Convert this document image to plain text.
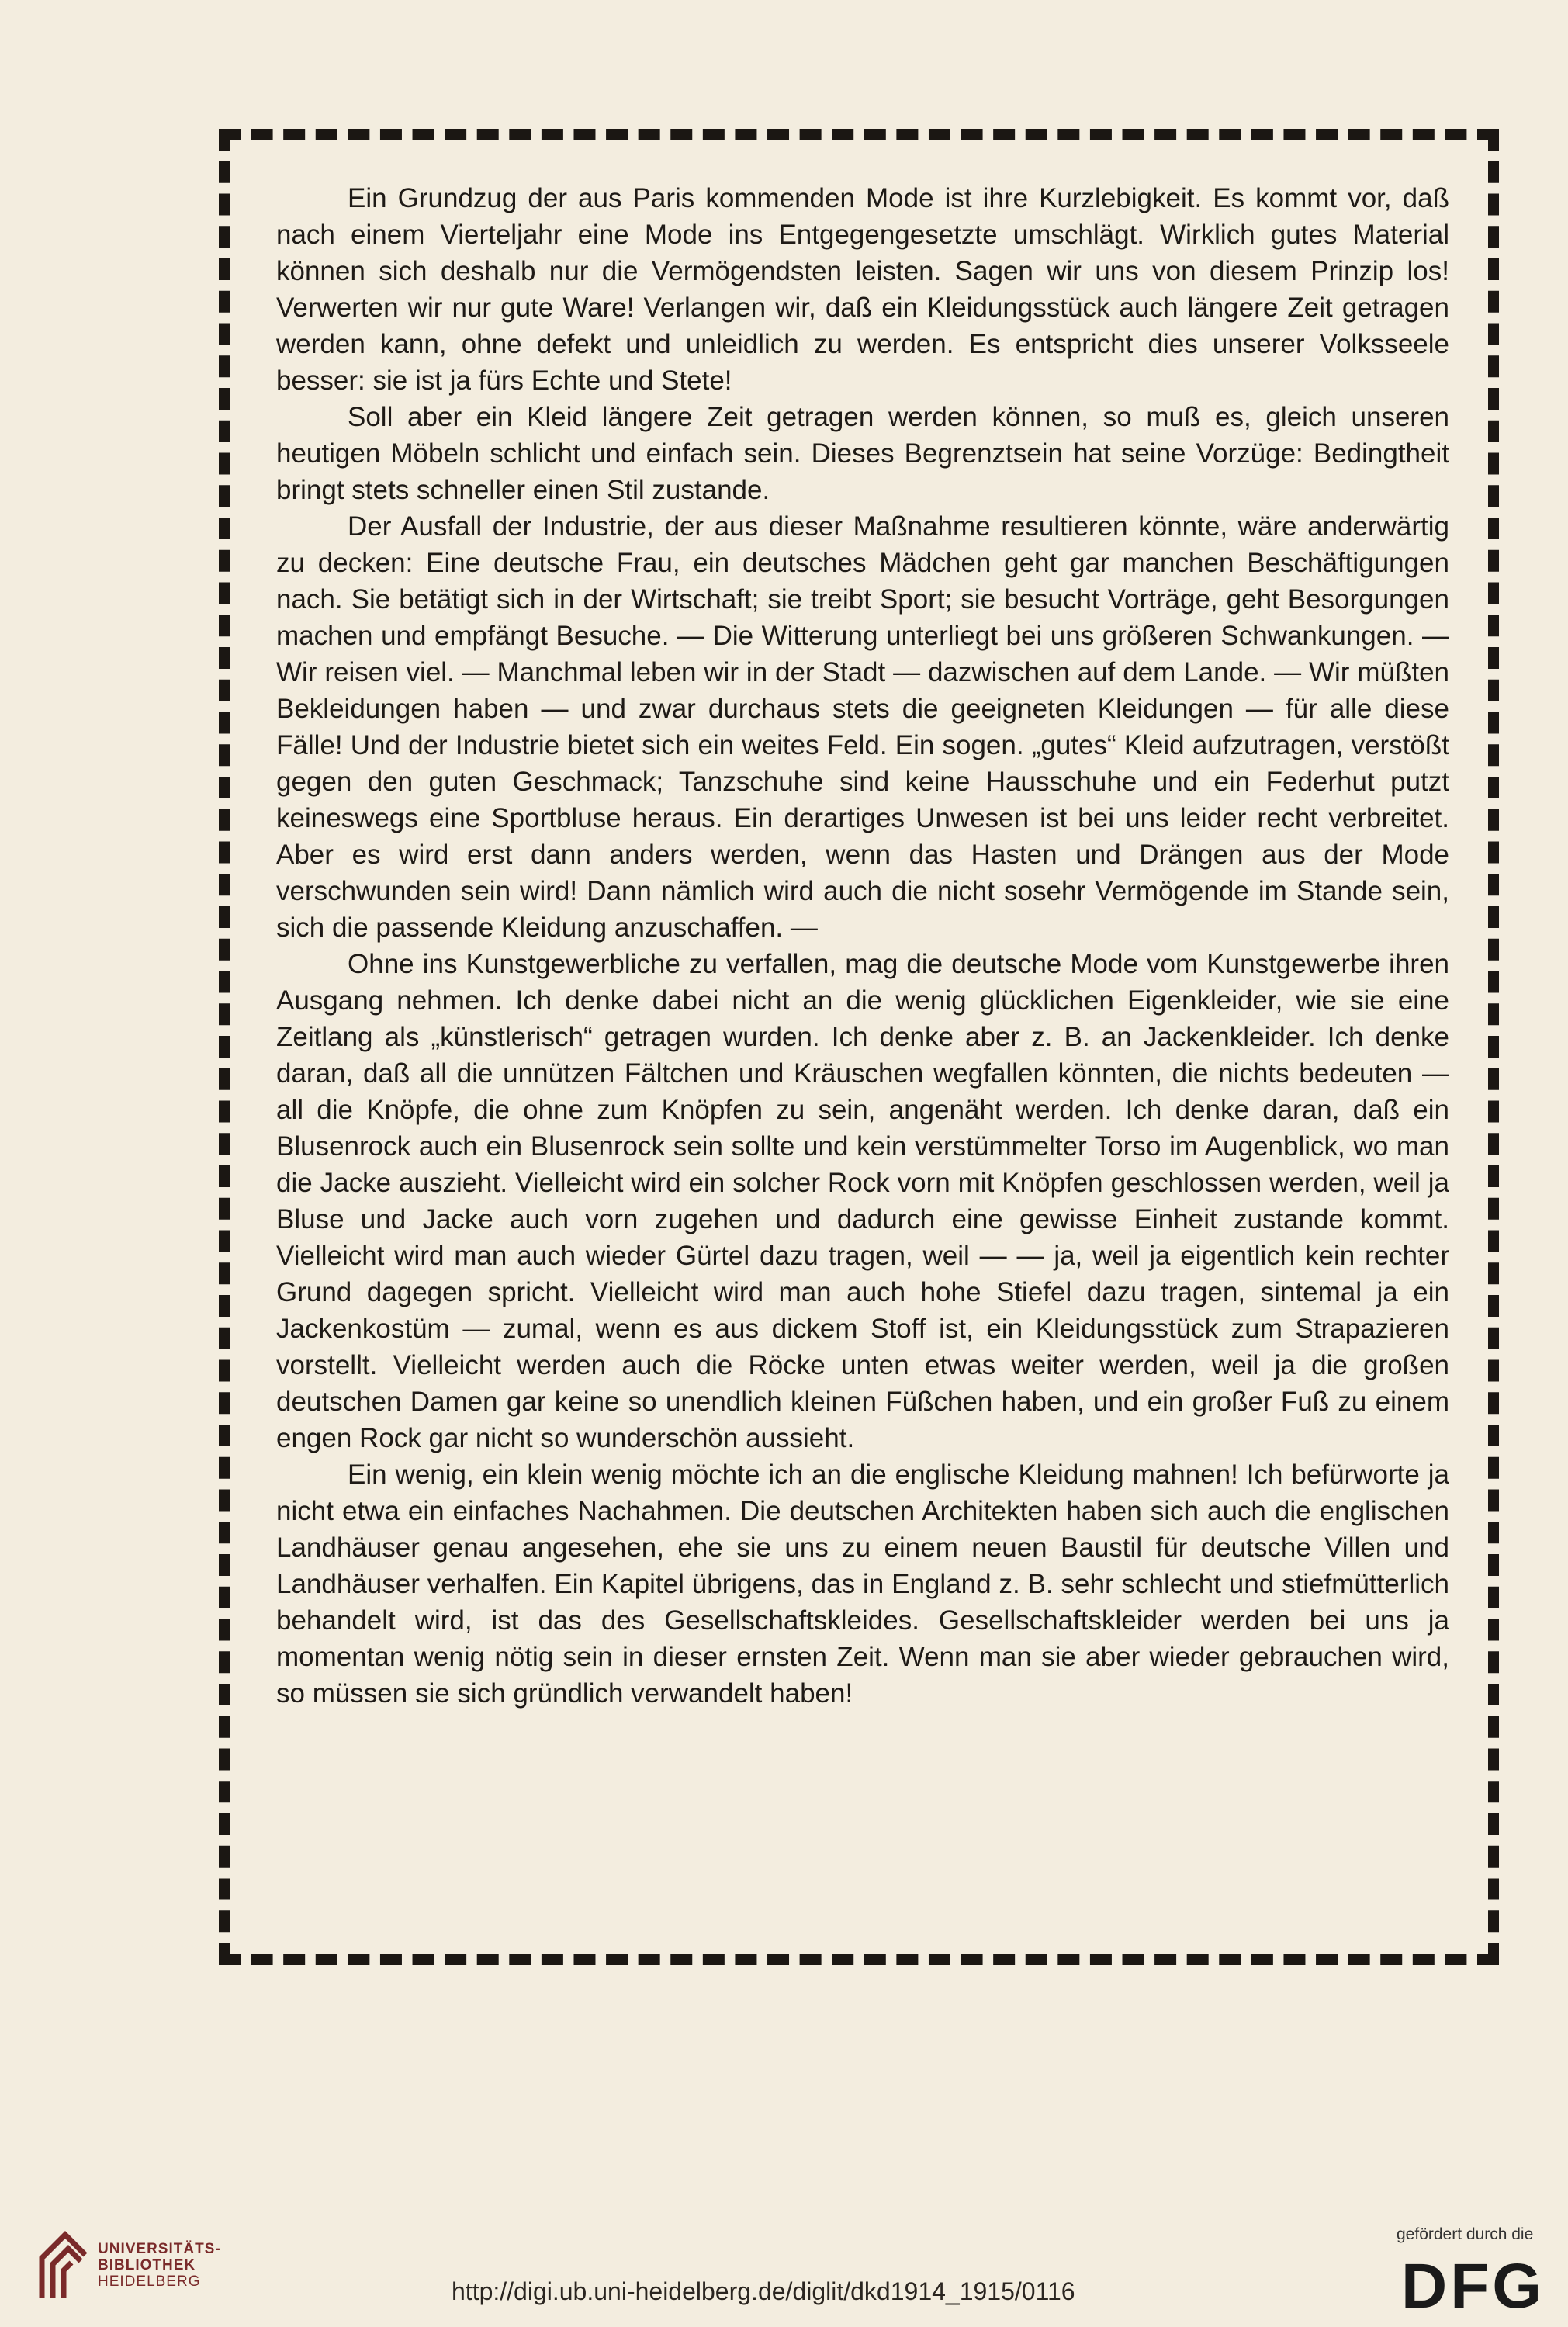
Ein Grundzug der aus Paris kommenden Mode ist ihre Kurzlebigkeit. Es kommt vor, daß nach einem Vierteljahr eine Mode ins Entgegengesetzte umschlägt. Wirklich gutes Material können sich deshalb nur die Vermögendsten leisten. Sagen wir uns von diesem Prinzip los! Verwerten wir nur gute Ware! Verlangen wir, daß ein Kleidungsstück auch längere Zeit getragen werden kann, ohne defekt und unleidlich zu werden. Es entspricht dies unserer Volksseele besser: sie ist ja fürs Echte und Stete!

Soll aber ein Kleid längere Zeit getragen werden können, so muß es, gleich unseren heutigen Möbeln schlicht und einfach sein. Dieses Begrenztsein hat seine Vorzüge: Bedingtheit bringt stets schneller einen Stil zustande.

Der Ausfall der Industrie, der aus dieser Maßnahme resultieren könnte, wäre anderwärtig zu decken: Eine deutsche Frau, ein deutsches Mädchen geht gar manchen Beschäftigungen nach. Sie betätigt sich in der Wirtschaft; sie treibt Sport; sie besucht Vorträge, geht Besorgungen machen und empfängt Besuche. — Die Witterung unterliegt bei uns größeren Schwankungen. — Wir reisen viel. — Manchmal leben wir in der Stadt — dazwischen auf dem Lande. — Wir müßten Bekleidungen haben — und zwar durchaus stets die geeigneten Kleidungen — für alle diese Fälle! Und der Industrie bietet sich ein weites Feld. Ein sogen. „gutes“ Kleid aufzutragen, verstößt gegen den guten Geschmack; Tanzschuhe sind keine Hausschuhe und ein Federhut putzt keineswegs eine Sportbluse heraus. Ein derartiges Unwesen ist bei uns leider recht verbreitet. Aber es wird erst dann anders werden, wenn das Hasten und Drängen aus der Mode verschwunden sein wird! Dann nämlich wird auch die nicht sosehr Vermögende im Stande sein, sich die passende Kleidung anzuschaffen. —

Ohne ins Kunstgewerbliche zu verfallen, mag die deutsche Mode vom Kunstgewerbe ihren Ausgang nehmen. Ich denke dabei nicht an die wenig glücklichen Eigenkleider, wie sie eine Zeitlang als „künstlerisch“ getragen wurden. Ich denke aber z. B. an Jackenkleider. Ich denke daran, daß all die unnützen Fältchen und Kräuschen wegfallen könnten, die nichts bedeuten — all die Knöpfe, die ohne zum Knöpfen zu sein, angenäht werden. Ich denke daran, daß ein Blusenrock auch ein Blusenrock sein sollte und kein verstümmelter Torso im Augenblick, wo man die Jacke auszieht. Vielleicht wird ein solcher Rock vorn mit Knöpfen geschlossen werden, weil ja Bluse und Jacke auch vorn zugehen und dadurch eine gewisse Einheit zustande kommt. Vielleicht wird man auch wieder Gürtel dazu tragen, weil — — ja, weil ja eigentlich kein rechter Grund dagegen spricht. Vielleicht wird man auch hohe Stiefel dazu tragen, sintemal ja ein Jackenkostüm — zumal, wenn es aus dickem Stoff ist, ein Kleidungsstück zum Strapazieren vorstellt. Vielleicht werden auch die Röcke unten etwas weiter werden, weil ja die großen deutschen Damen gar keine so unendlich kleinen Füßchen haben, und ein großer Fuß zu einem engen Rock gar nicht so wunderschön aussieht.

Ein wenig, ein klein wenig möchte ich an die englische Kleidung mahnen! Ich befürworte ja nicht etwa ein einfaches Nachahmen. Die deutschen Architekten haben sich auch die englischen Landhäuser genau angesehen, ehe sie uns zu einem neuen Baustil für deutsche Villen und Landhäuser verhalfen. Ein Kapitel übrigens, das in England z. B. sehr schlecht und stiefmütterlich behandelt wird, ist das des Gesellschaftskleides. Gesellschaftskleider werden bei uns ja momentan wenig nötig sein in dieser ernsten Zeit. Wenn man sie aber wieder gebrauchen wird, so müssen sie sich gründlich verwandelt haben!

UNIVERSITÄTS-
BIBLIOTHEK
HEIDELBERG	http://digi.ub.uni-heidelberg.de/diglit/dkd1914_1915/0116
gefördert durch die
DFG
